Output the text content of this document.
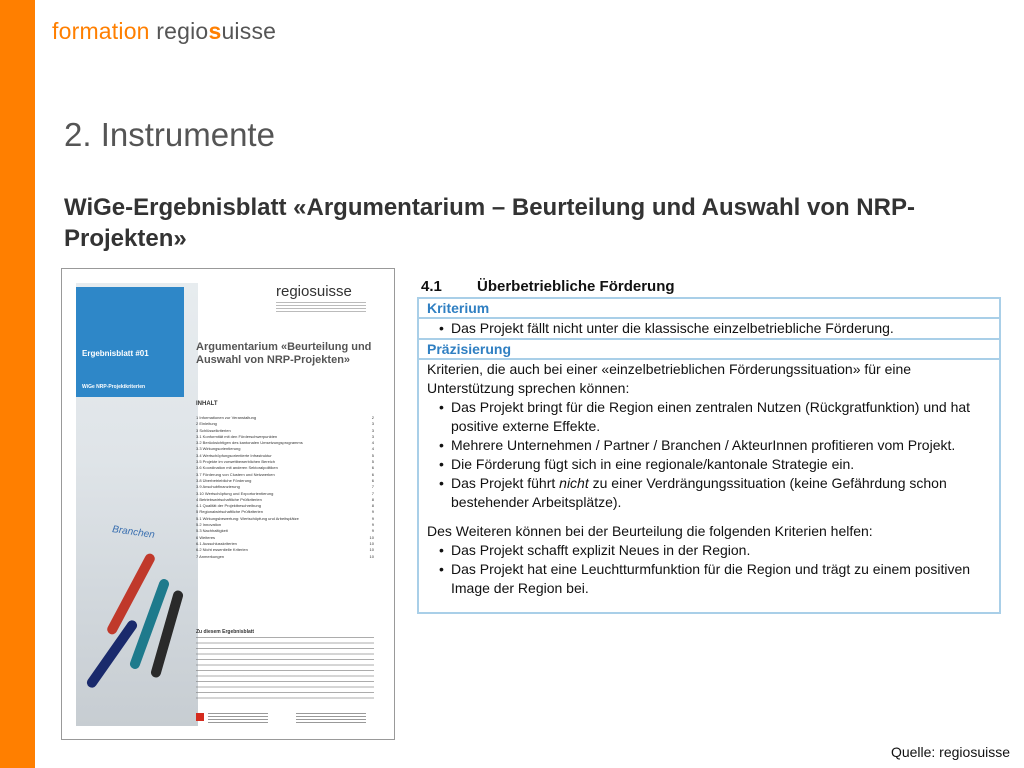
formation regiosuisse
2. Instrumente
WiGe-Ergebnisblatt «Argumentarium – Beurteilung und Auswahl von NRP-Projekten»
Branchen
Ergebnisblatt #01
WiGe NRP-Projektkriterien
regiosuisse
Argumentarium «Beurteilung und Auswahl von NRP-Projekten»
INHALT
1 Informationen zur Veranstaltung	2
2 Einleitung	3
3 Schlüsselkriterien	3
3.1 Konformität mit den Förderschwerpunkten	3
3.2 Berücksichtigen des kantonalen Umsetzungsprogramms	4
3.3 Wirkungsorientierung	4
3.4 Wertschöpfungsorientierte Infrastruktur	5
3.5 Projekte im vorwettbewerblichen Bereich	5
3.6 Koordination mit anderen Sektoralpolitiken	6
3.7 Förderung von Clustern und Netzwerken	6
3.8 Überbetriebliche Förderung	6
3.9 Anschubfinanzierung	7
3.10 Wertschöpfung und Exportorientierung	7
4 Betriebswirtschaftliche Prüfkriterien	8
4.1 Qualität der Projektbeschreibung	8
5 Regionalwirtschaftliche Prüfkriterien	9
5.1 Wirkungsbewertung: Wertschöpfung und Arbeitsplätze	9
5.2 Innovation	9
5.3 Nachhaltigkeit	9
6 Weiteres	10
6.1 Ausschlusskriterien	10
6.2 Nicht essentielle Kriterien	10
7 Anmerkungen	10
Zu diesem Ergebnisblatt
4.1 Überbetriebliche Förderung
Kriterium
• Das Projekt fällt nicht unter die klassische einzelbetriebliche Förderung.
Präzisierung
Kriterien, die auch bei einer «einzelbetrieblichen Förderungssituation» für eine Unterstützung sprechen können:
• Das Projekt bringt für die Region einen zentralen Nutzen (Rückgratfunktion) und hat positive externe Effekte.
• Mehrere Unternehmen / Partner / Branchen / AkteurInnen profitieren vom Projekt.
• Die Förderung fügt sich in eine regionale/kantonale Strategie ein.
• Das Projekt führt nicht zu einer Verdrängungssituation (keine Gefährdung schon bestehender Arbeitsplätze).
Des Weiteren können bei der Beurteilung die folgenden Kriterien helfen:
• Das Projekt schafft explizit Neues in der Region.
• Das Projekt hat eine Leuchtturmfunktion für die Region und trägt zu einem positiven Image der Region bei.
Quelle: regiosuisse
